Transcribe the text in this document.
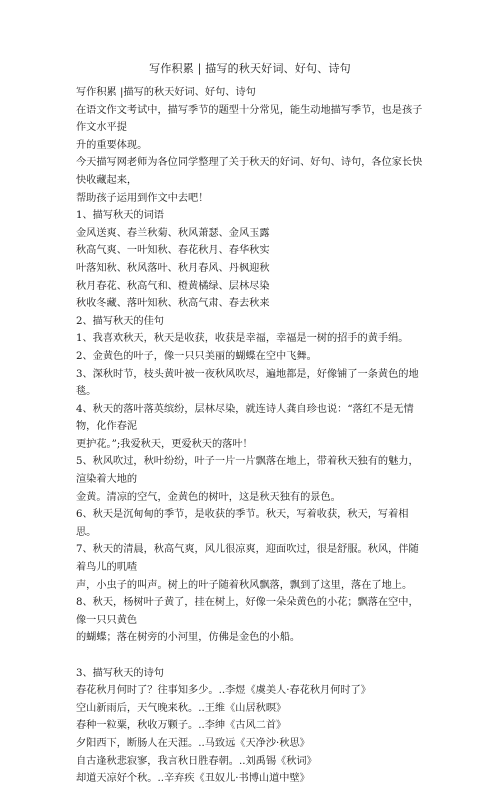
写作积累 | 描写的秋天好词、好句、诗句

写作积累 |描写的秋天好词、好句、诗句

在语文作文考试中，描写季节的题型十分常见，能生动地描写季节，也是孩子作文水平提

升的重要体现。

今天描写网老师为各位同学整理了关于秋天的好词、好句、诗句，各位家长快快收藏起来，

帮助孩子运用到作文中去吧！

1、描写秋天的词语

金风送爽、春兰秋菊、秋风萧瑟、金风玉露

秋高气爽、一叶知秋、春花秋月、春华秋实

叶落知秋、秋风落叶、秋月春风、丹枫迎秋

秋月春花、秋高气和、橙黄橘绿、层林尽染

秋收冬藏、落叶知秋、秋高气肃、春去秋来

2、描写秋天的佳句

1、我喜欢秋天，秋天是收获，收获是幸福，幸福是一树的招手的黄手绢。

2、金黄色的叶子，像一只只美丽的蝴蝶在空中飞舞。

3、深秋时节，枝头黄叶被一夜秋风吹尽，遍地都是，好像铺了一条黄色的地毯。

4、秋天的落叶落英缤纷，层林尽染，就连诗人龚自珍也说：“落红不是无情物，化作春泥

更护花。”;我爱秋天，更爱秋天的落叶！

5、秋风吹过，秋叶纷纷，叶子一片一片飘落在地上，带着秋天独有的魅力，渲染着大地的

金黄。清凉的空气，金黄色的树叶，这是秋天独有的景色。

6、秋天是沉甸甸的季节，是收获的季节。秋天，写着收获，秋天，写着相思。

7、秋天的清晨，秋高气爽，风儿很凉爽，迎面吹过，很是舒服。秋风，伴随着鸟儿的叽喳

声，小虫子的叫声。树上的叶子随着秋风飘落，飘到了这里，落在了地上。

8、秋天，杨树叶子黄了，挂在树上，好像一朵朵黄色的小花；飘落在空中，像一只只黄色

的蝴蝶；落在树旁的小河里，仿佛是金色的小船。

3、描写秋天的诗句

春花秋月何时了？往事知多少。..李煜《虞美人·春花秋月何时了》

空山新雨后，天气晚来秋。..王维《山居秋暝》

春种一粒粟，秋收万颗子。..李绅《古风二首》

夕阳西下，断肠人在天涯。..马致远《天净沙·秋思》

自古逢秋悲寂寥，我言秋日胜春朝。..刘禹锡《秋词》

却道天凉好个秋。..辛弃疾《丑奴儿·书博山道中壁》
